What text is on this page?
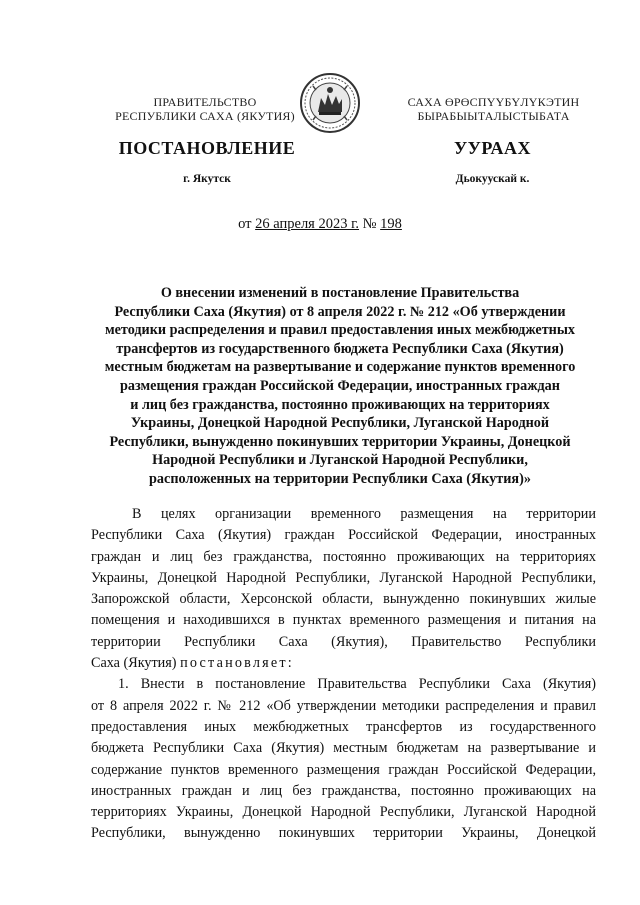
ПРАВИТЕЛЬСТВО
РЕСПУБЛИКИ САХА (ЯКУТИЯ)
САХА ӨРӨСПҮҮБҮЛҮКЭТИН
БЫРАБЫЫТАЛЫСТЫБАТА
ПОСТАНОВЛЕНИЕ	УУРААХ
г. Якутск	Дьокуускай к.
от 26 апреля 2023 г. № 198
О внесении изменений в постановление Правительства
Республики Саха (Якутия) от 8 апреля 2022 г. № 212 «Об утверждении
методики распределения и правил предоставления иных межбюджетных
трансфертов из государственного бюджета Республики Саха (Якутия)
местным бюджетам на развертывание и содержание пунктов временного
размещения граждан Российской Федерации, иностранных граждан
и лиц без гражданства, постоянно проживающих на территориях
Украины, Донецкой Народной Республики, Луганской Народной
Республики, вынужденно покинувших территории Украины, Донецкой
Народной Республики и Луганской Народной Республики,
расположенных на территории Республики Саха (Якутия)»
В целях организации временного размещения на территории
Республики Саха (Якутия) граждан Российской Федерации, иностранных
граждан и лиц без гражданства, постоянно проживающих на территориях
Украины, Донецкой Народной Республики, Луганской Народной Республики,
Запорожской области, Херсонской области, вынужденно покинувших жилые
помещения и находившихся в пунктах временного размещения и питания на
территории Республики Саха (Якутия), Правительство Республики
Саха (Якутия) постановляет:
1. Внести в постановление Правительства Республики Саха (Якутия)
от 8 апреля 2022 г. № 212 «Об утверждении методики распределения и правил
предоставления иных межбюджетных трансфертов из государственного
бюджета Республики Саха (Якутия) местным бюджетам на развертывание и
содержание пунктов временного размещения граждан Российской Федерации,
иностранных граждан и лиц без гражданства, постоянно проживающих на
территориях Украины, Донецкой Народной Республики, Луганской Народной
Республики, вынужденно покинувших территории Украины, Донецкой
